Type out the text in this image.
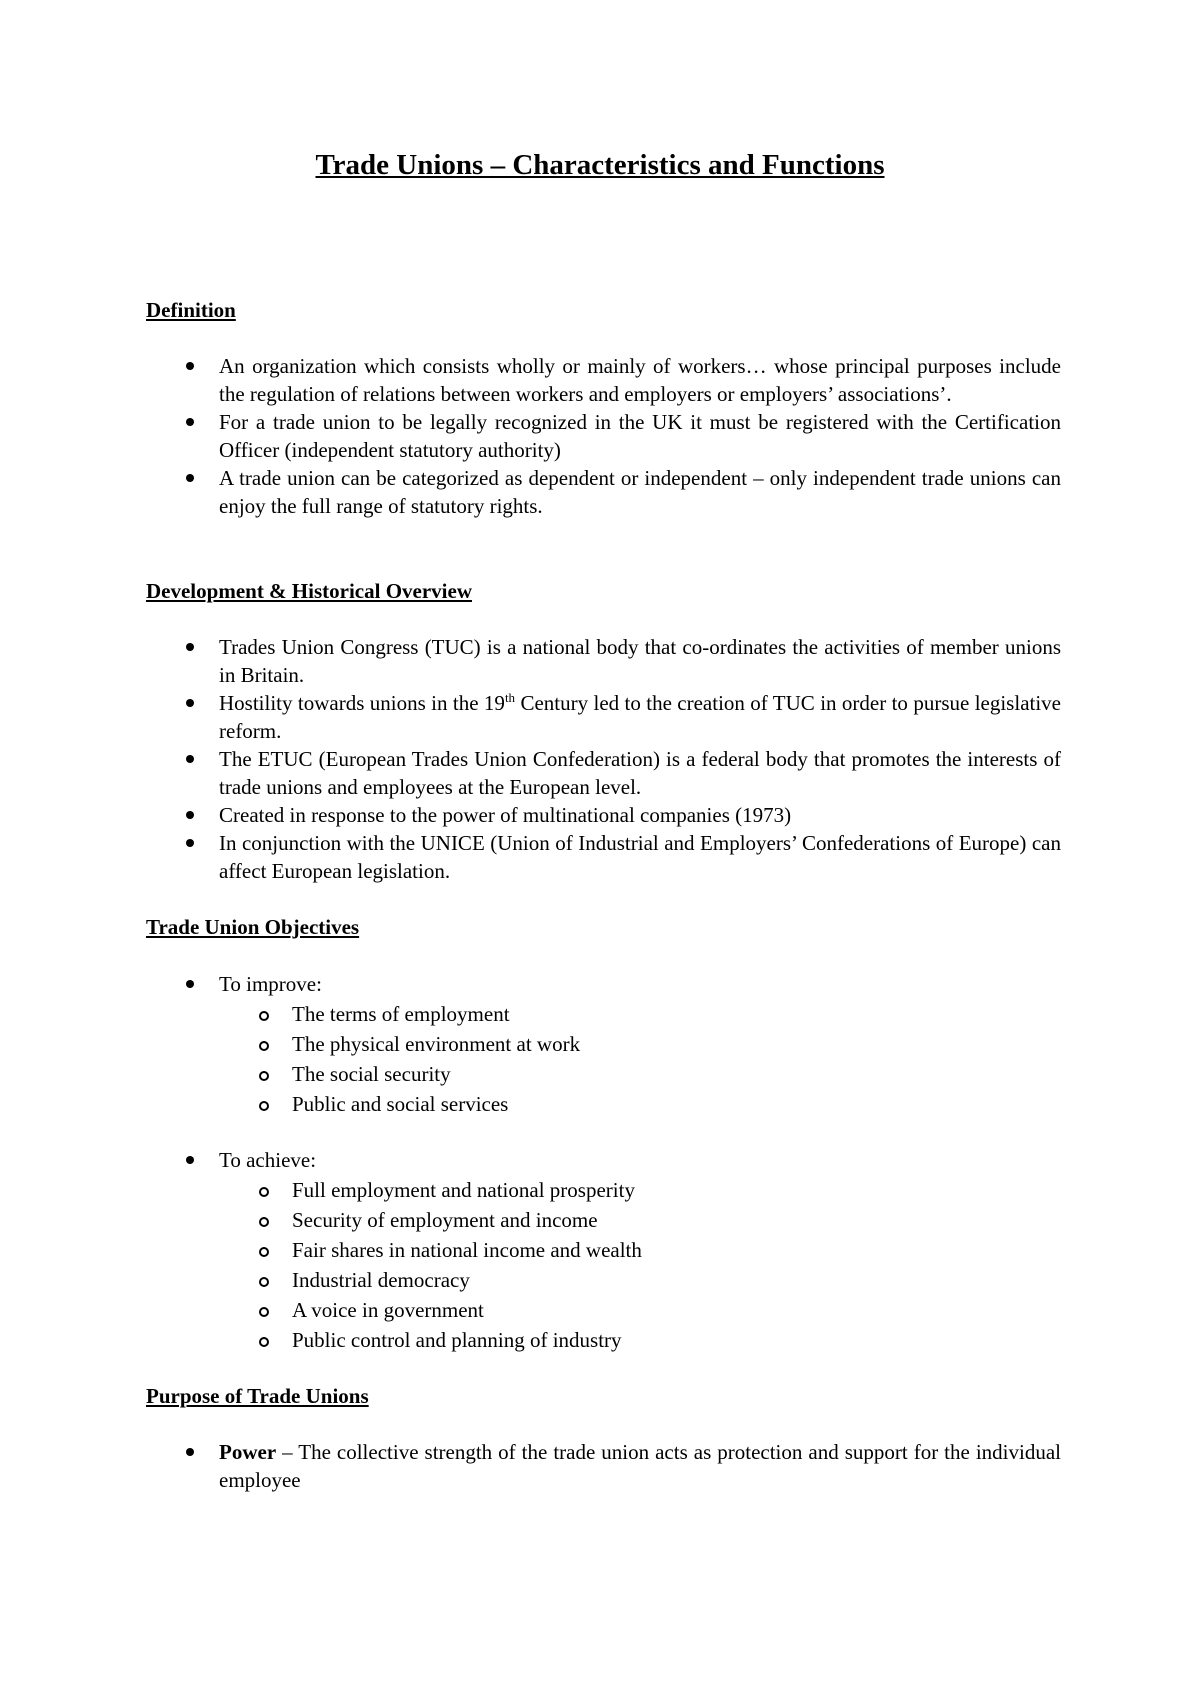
Trade Unions – Characteristics and Functions
Definition
An organization which consists wholly or mainly of workers… whose principal purposes include the regulation of relations between workers and employers or employers’ associations’.
For a trade union to be legally recognized in the UK it must be registered with the Certification Officer (independent statutory authority)
A trade union can be categorized as dependent or independent – only independent trade unions can enjoy the full range of statutory rights.
Development & Historical Overview
Trades Union Congress (TUC) is a national body that co-ordinates the activities of member unions in Britain.
Hostility towards unions in the 19th Century led to the creation of TUC in order to pursue legislative reform.
The ETUC (European Trades Union Confederation) is a federal body that promotes the interests of trade unions and employees at the European level.
Created in response to the power of multinational companies (1973)
In conjunction with the UNICE (Union of Industrial and Employers’ Confederations of Europe) can affect European legislation.
Trade Union Objectives
To improve:
The terms of employment
The physical environment at work
The social security
Public and social services
To achieve:
Full employment and national prosperity
Security of employment and income
Fair shares in national income and wealth
Industrial democracy
A voice in government
Public control and planning of industry
Purpose of Trade Unions
Power – The collective strength of the trade union acts as protection and support for the individual employee
